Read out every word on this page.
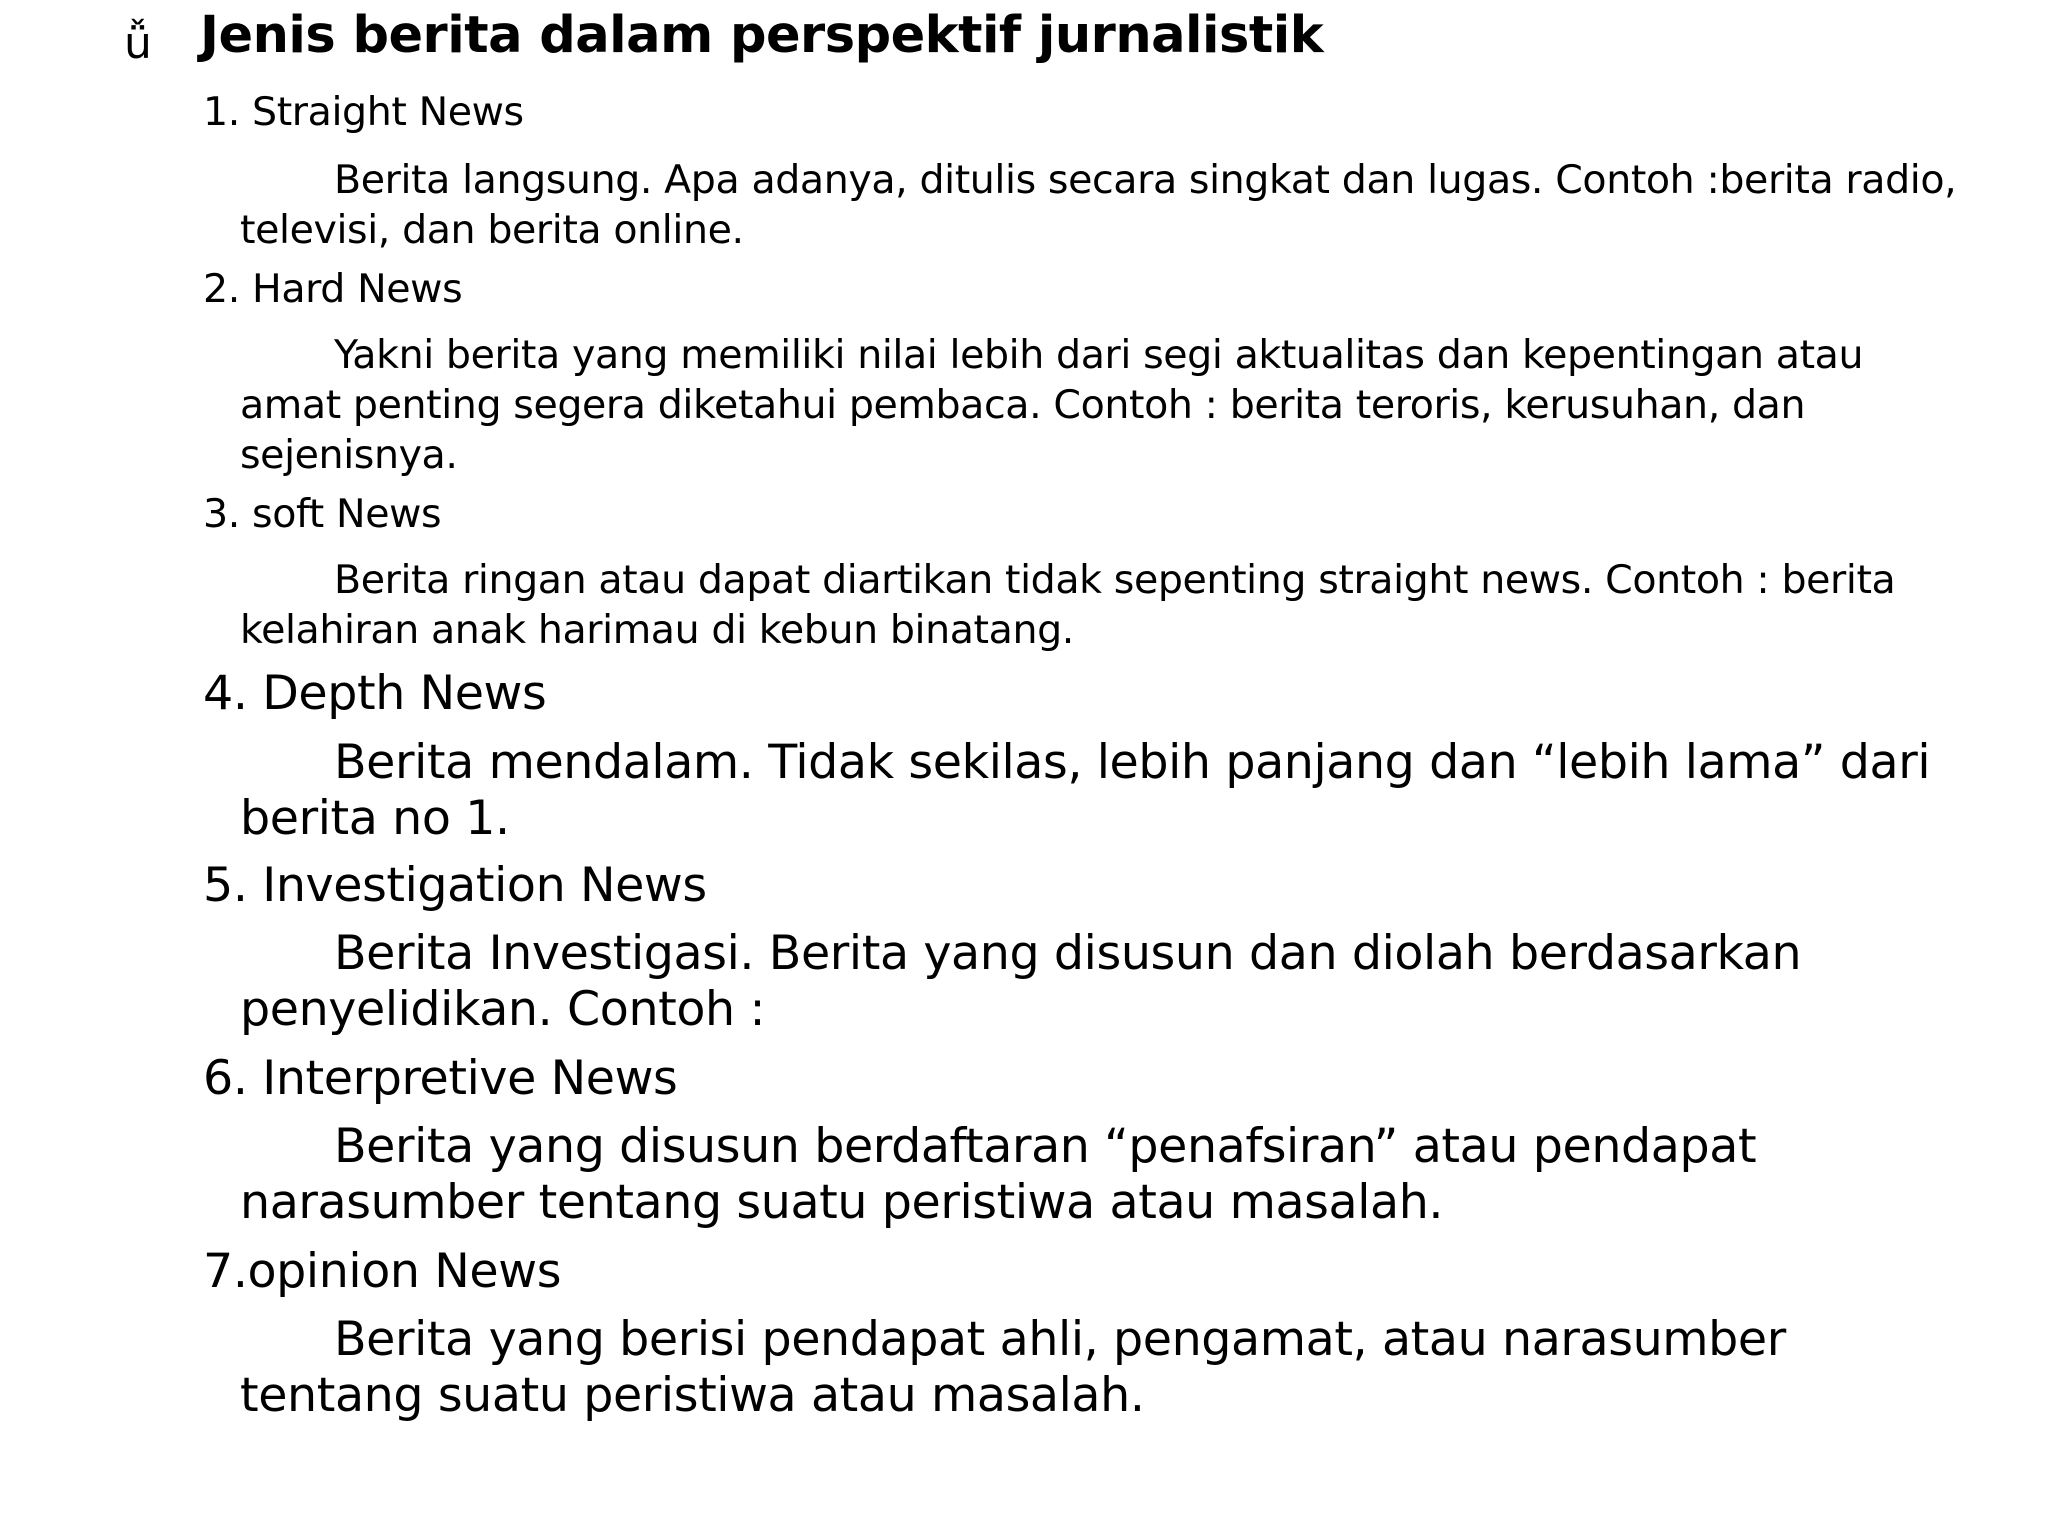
ǚ Jenis berita dalam perspektif jurnalistik

1. Straight News

Berita langsung. Apa adanya, ditulis secara singkat dan lugas. Contoh :berita radio, televisi, dan berita online.

2. Hard News

Yakni berita yang memiliki nilai lebih dari segi aktualitas dan kepentingan atau amat penting segera diketahui pembaca. Contoh : berita teroris, kerusuhan, dan sejenisnya.

3. soft News

Berita ringan atau dapat diartikan tidak sepenting straight news. Contoh : berita kelahiran anak harimau di kebun binatang.

4. Depth News

Berita mendalam. Tidak sekilas, lebih panjang dan “lebih lama” dari berita no 1.

5. Investigation News

Berita Investigasi. Berita yang disusun dan diolah berdasarkan penyelidikan. Contoh :

6. Interpretive News

Berita yang disusun berdaftaran “penafsiran” atau pendapat narasumber tentang suatu peristiwa atau masalah.

7.opinion News

Berita yang berisi pendapat ahli, pengamat, atau narasumber tentang suatu peristiwa atau masalah.
